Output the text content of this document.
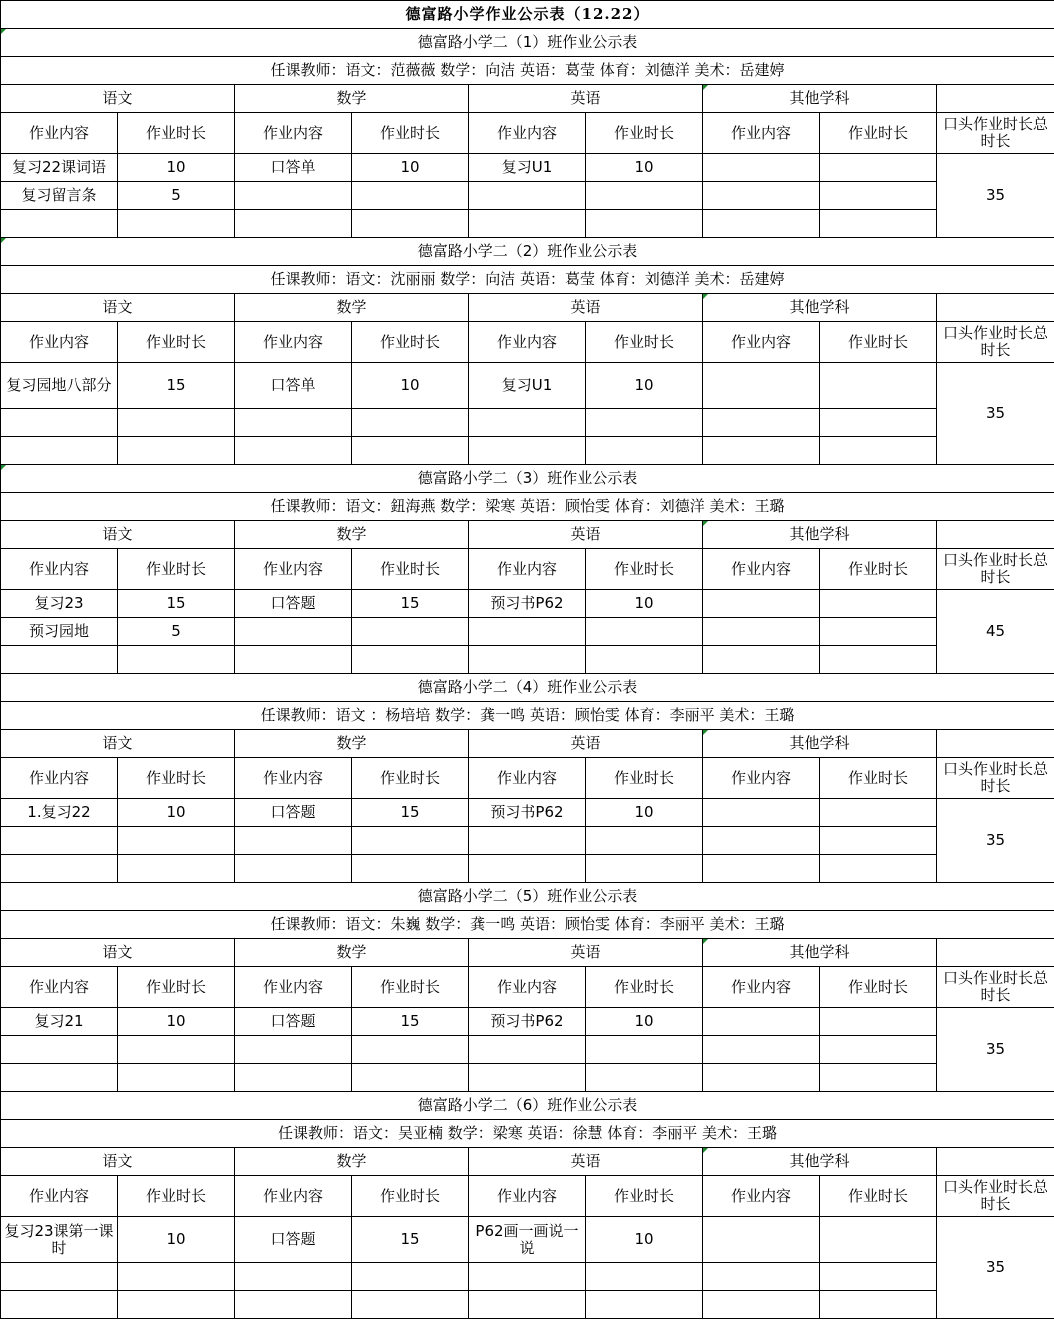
德富路小学作业公示表（12.22）								
德富路小学二（1）班作业公示表								

任课教师：语文：范薇薇 数学：向洁 英语：葛莹 体育：刘德洋 美术：岳建婷								
语文		数学		英语		其他学科	

作业内容	作业时长	作业内容	作业时长	作业内容	作业时长	作业内容	作业时长	口头作业时长总时长
复习22课词语	10	口答单	10	复习U1	10			35
复习留言条	5							

德富路小学二（2）班作业公示表								

任课教师：语文：沈丽丽 数学：向洁 英语：葛莹 体育：刘德洋 美术：岳建婷								
语文		数学		英语		其他学科	

作业内容	作业时长	作业内容	作业时长	作业内容	作业时长	作业内容	作业时长	口头作业时长总时长
复习园地八部分	15	口答单	10	复习U1	10			35

德富路小学二（3）班作业公示表								

任课教师：语文：鈕海燕 数学：梁寒 英语：顾怡雯 体育：刘德洋 美术：王璐								
语文		数学		英语		其他学科	

作业内容	作业时长	作业内容	作业时长	作业内容	作业时长	作业内容	作业时长	口头作业时长总时长
复习23	15	口答题	15	预习书P62	10			45
预习园地	5							

德富路小学二（4）班作业公示表								
任课教师：语文 ：杨培培 数学：龚一鸣 英语：顾怡雯 体育：李丽平 美术：王璐								
语文		数学		英语		其他学科	

作业内容	作业时长	作业内容	作业时长	作业内容	作业时长	作业内容	作业时长	口头作业时长总时长
1.复习22	10	口答题	15	预习书P62	10			35

德富路小学二（5）班作业公示表								
任课教师：语文：朱巍 数学：龚一鸣 英语：顾怡雯 体育：李丽平 美术：王璐								
语文		数学		英语		其他学科	

作业内容	作业时长	作业内容	作业时长	作业内容	作业时长	作业内容	作业时长	口头作业时长总时长
复习21	10	口答题	15	预习书P62	10			35

德富路小学二（6）班作业公示表								
任课教师：语文：吴亚楠 数学：梁寒 英语：徐慧 体育：李丽平 美术：王璐								
语文		数学		英语		其他学科	

作业内容	作业时长	作业内容	作业时长	作业内容	作业时长	作业内容	作业时长	口头作业时长总时长
复习23课第一课时	10	口答题	15	P62画一画说一说	10			35
